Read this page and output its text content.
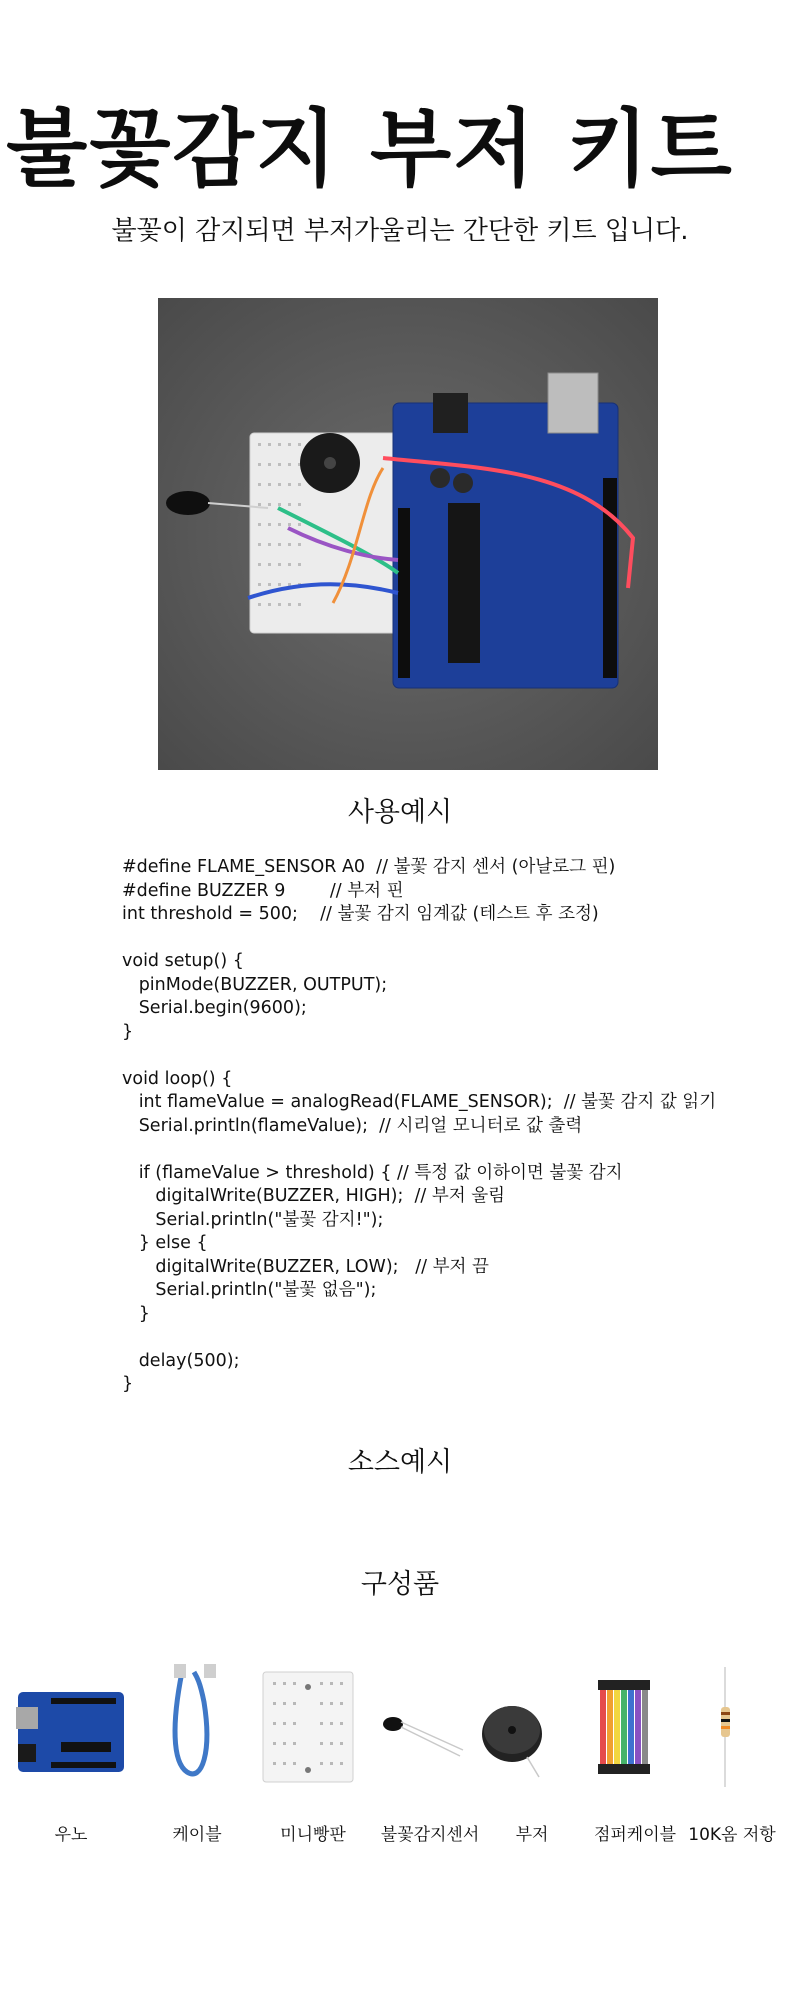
불꽃감지 부저 키트
불꽃이 감지되면 부저가울리는 간단한 키트 입니다.
사용예시
#define FLAME_SENSOR A0  // 불꽃 감지 센서 (아날로그 핀)
#define BUZZER 9        // 부저 핀
int threshold = 500;    // 불꽃 감지 임계값 (테스트 후 조정)
void setup() {
pinMode(BUZZER, OUTPUT);
Serial.begin(9600);
}
void loop() {
int flameValue = analogRead(FLAME_SENSOR);  // 불꽃 감지 값 읽기
Serial.println(flameValue);  // 시리얼 모니터로 값 출력
if (flameValue > threshold) { // 특정 값 이하이면 불꽃 감지
digitalWrite(BUZZER, HIGH);  // 부저 울림
Serial.println("불꽃 감지!");
} else {
digitalWrite(BUZZER, LOW);   // 부저 끔
Serial.println("불꽃 없음");
}
delay(500);
}
소스예시
구성품
우노	케이블	미니빵판	불꽃감지센서	부저	점퍼케이블 10K옴 저항
